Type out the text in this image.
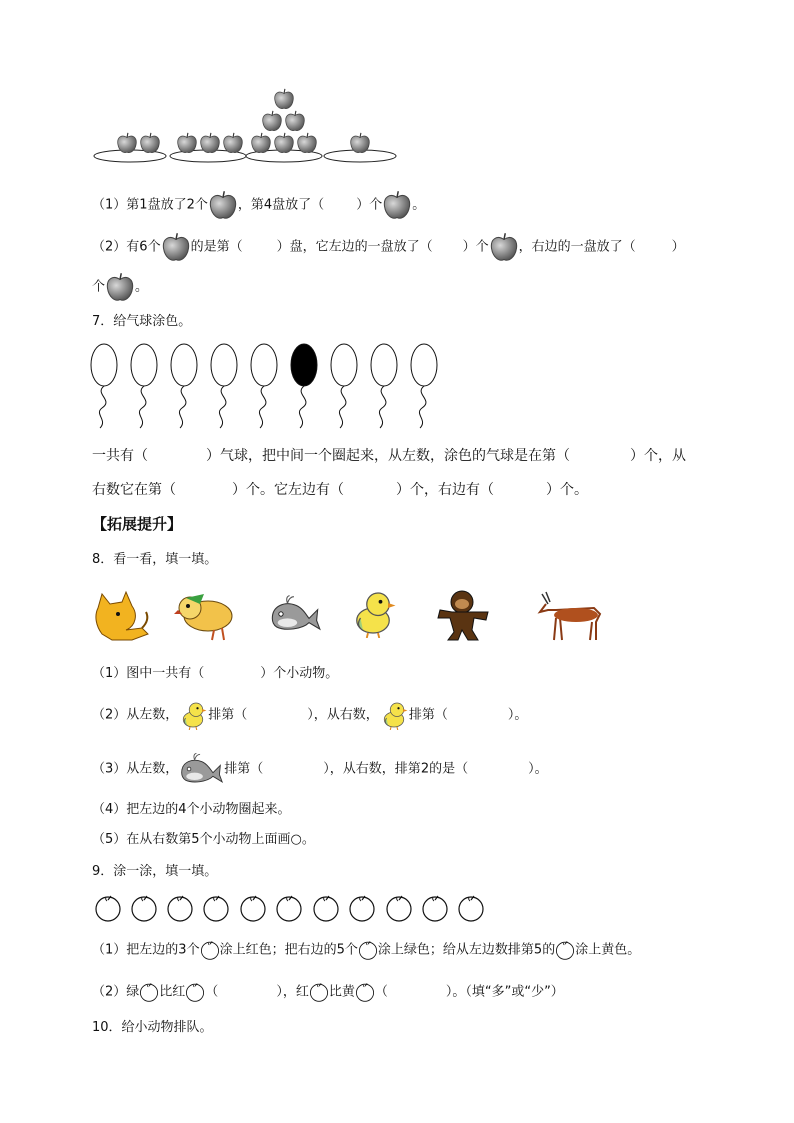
（1）第1盘放了2个 ，第4盘放了（ ）个 。
（2）有6个 的是第（	）盘，它左边的一盘放了（ ）个 ，右边的一盘放了（	）
个 。
7．给气球涂色。
一共有（	）气球，把中间一个圈起来，从左数，涂色的气球是在第（	）个，从
右数它在第（	）个。它左边有（	）个，右边有（	）个。
【拓展提升】
8．看一看，填一填。
（1）图中一共有（	）个小动物。
（2）从左数， 排第（	），从右数， 排第（	）。
（3）从左数，	排第（	），从右数，排第2的是（	）。
（4）把左边的4个小动物圈起来。
（5）在从右数第5个小动物上面画○。
9．涂一涂，填一填。
（1）把左边的3个 涂上红色；把右边的5个 涂上绿色；给从左边数排第5的 涂上黄色。
（2）绿 比红 （	），红 比黄 （	）。（填“多”或“少”）
10．给小动物排队。
